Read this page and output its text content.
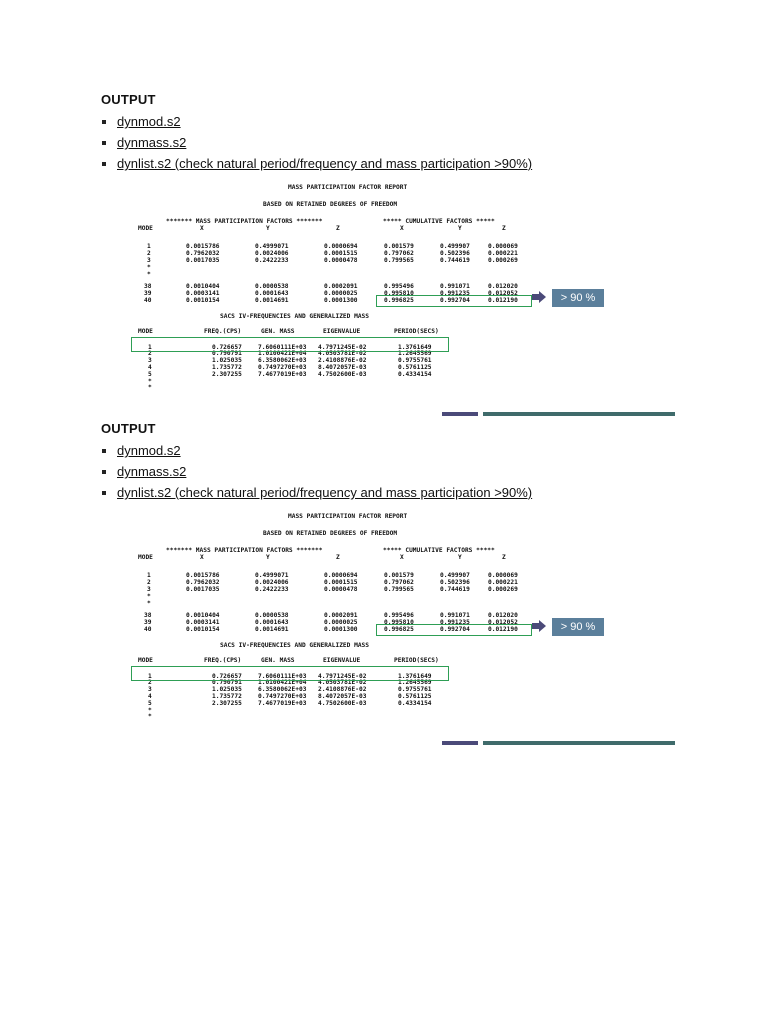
OUTPUT
dynmod.s2
dynmass.s2
dynlist.s2 (check natural period/frequency and mass participation >90%)
MASS PARTICIPATION FACTOR REPORT
BASED ON RETAINED DEGREES OF FREEDOM
******* MASS PARTICIPATION FACTORS *******	***** CUMULATIVE FACTORS *****
MODE	X	Y	Z	X	Y	Z
1	0.0015786	0.4999071	0.0000694	0.001579	0.499907	0.000069
2	0.7962032	0.0024006	0.0001515	0.797062	0.502396	0.000221
3	0.0017035	0.2422233	0.0000478	0.799565	0.744619	0.000269
*
*
38	0.0010404	0.0000538	0.0002091	0.995496	0.991071	0.012020
39	0.0003141	0.0001643	0.0000025	0.995810	0.991235	0.012052
40	0.0010154	0.0014691	0.0001300	0.996825	0.992704	0.012190	> 90 %
SACS IV-FREQUENCIES AND GENERALIZED MASS
MODE	FREQ.(CPS)	GEN. MASS	EIGENVALUE	PERIOD(SECS)
1	0.726657	7.6060111E+03 4.7971245E-02	1.3761649
2	0.790791	1.0100421E+04 4.0503781E-02	1.2645569
3	1.025035	6.3580062E+03 2.4108876E-02	0.9755761
4	1.735772	0.7497270E+03 8.4072057E-03	0.5761125
5	2.307255	7.4677019E+03 4.7502600E-03	0.4334154
*
*
OUTPUT
dynmod.s2
dynmass.s2
dynlist.s2 (check natural period/frequency and mass participation >90%)
MASS PARTICIPATION FACTOR REPORT
BASED ON RETAINED DEGREES OF FREEDOM
******* MASS PARTICIPATION FACTORS *******	***** CUMULATIVE FACTORS *****
MODE	X	Y	Z	X	Y	Z
1	0.0015786	0.4999071	0.0000694	0.001579	0.499907	0.000069
2	0.7962032	0.0024006	0.0001515	0.797062	0.502396	0.000221
3	0.0017035	0.2422233	0.0000478	0.799565	0.744619	0.000269
*
*
38	0.0010404	0.0000538	0.0002091	0.995496	0.991071	0.012020
39	0.0003141	0.0001643	0.0000025	0.995810	0.991235	0.012052
40	0.0010154	0.0014691	0.0001300	0.996825	0.992704	0.012190	> 90 %
SACS IV-FREQUENCIES AND GENERALIZED MASS
MODE	FREQ.(CPS)	GEN. MASS	EIGENVALUE	PERIOD(SECS)
1	0.726657	7.6060111E+03 4.7971245E-02	1.3761649
2	0.790791	1.0100421E+04 4.0503781E-02	1.2645569
3	1.025035	6.3580062E+03 2.4108876E-02	0.9755761
4	1.735772	0.7497270E+03 8.4072057E-03	0.5761125
5	2.307255	7.4677019E+03 4.7502600E-03	0.4334154
*
*
